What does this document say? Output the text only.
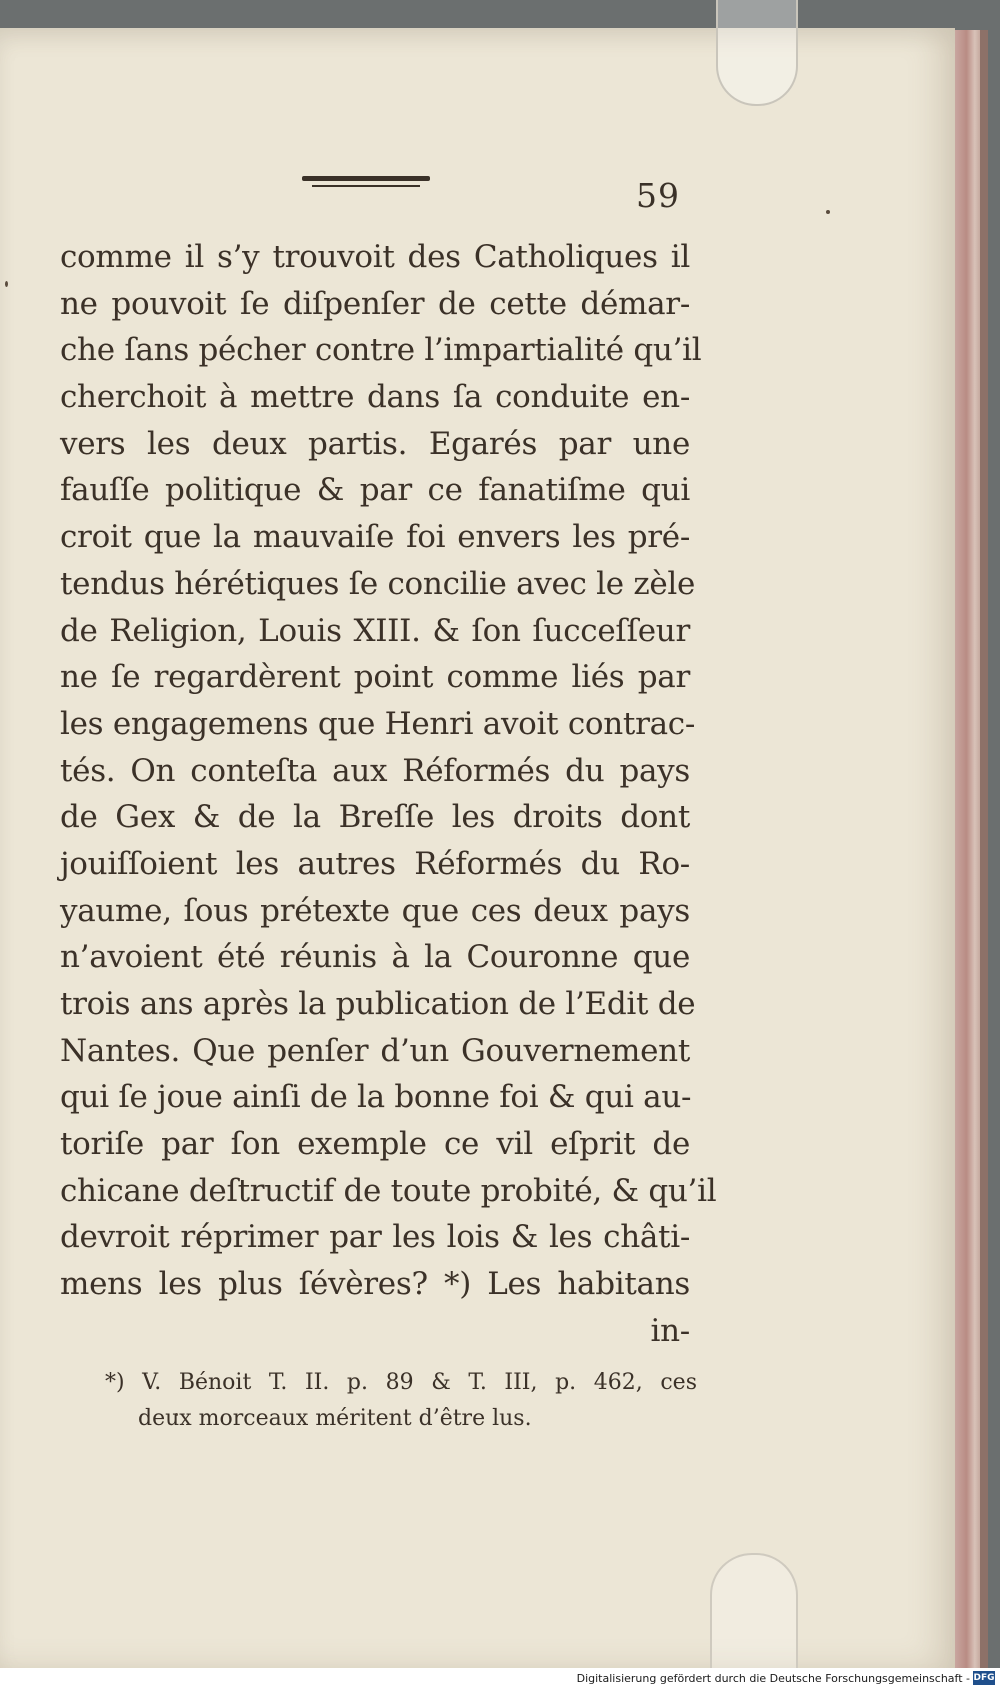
59
comme il s’y trouvoit des Catholiques il
ne pouvoit ſe diſpenſer de cette démar-
che ſans pécher contre l’impartialité qu’il
cherchoit à mettre dans ſa conduite en-
vers les deux partis. Egarés par une
fauſſe politique & par ce fanatiſme qui
croit que la mauvaiſe foi envers les pré-
tendus hérétiques ſe concilie avec le zèle
de Religion, Louis XIII. & ſon ſucceſſeur
ne ſe regardèrent point comme liés par
les engagemens que Henri avoit contrac-
tés. On conteſta aux Réformés du pays
de Gex & de la Breſſe les droits dont
jouiſſoient les autres Réformés du Ro-
yaume, ſous prétexte que ces deux pays
n’avoient été réunis à la Couronne que
trois ans après la publication de l’Edit de
Nantes. Que penſer d’un Gouvernement
qui ſe joue ainſi de la bonne foi & qui au-
toriſe par ſon exemple ce vil eſprit de
chicane deſtructif de toute probité, & qu’il
devroit réprimer par les lois & les châti-
mens les plus ſévères? *) Les habitans
in-
*) V. Bénoit T. II. p. 89 & T. III, p. 462, ces
deux morceaux méritent d’être lus.
Digitalisierung gefördert durch die Deutsche Forschungsgemeinschaft - DFG
